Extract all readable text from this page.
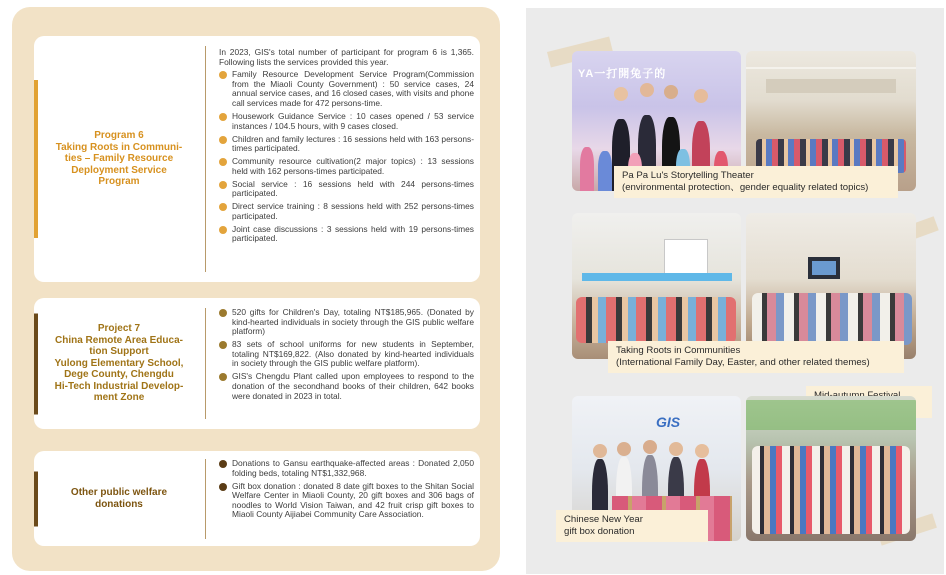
Program 6
Taking Roots in Communi-
ties – Family Resource
Deployment Service
Program

In 2023, GIS's total number of participant for program 6 is 1,365. Following lists the services provided this year.

Family Resource Development Service Program(Commission from the Miaoli County Government) : 50 service cases, 24 annual service cases, and 16 closed cases, with visits and phone call services made for 472 persons-time.
Housework Guidance Service : 10 cases opened / 53 service instances / 104.5 hours, with 9 cases closed.
Children and family lectures : 16 sessions held with 163 persons-times participated.
Community resource cultivation(2 major topics) : 13 sessions held with 162 persons-times participated.
Social service : 16 sessions held with 244 persons-times participated.
Direct service training : 8 sessions held with 252 persons-times participated.
Joint case discussions : 3 sessions held with 19 persons-times participated.
Project 7
China Remote Area Educa-
tion Support
Yulong Elementary School,
Dege County, Chengdu
Hi-Tech Industrial Develop-
ment Zone
520 gifts for Children's Day, totaling NT$185,965. (Donated by kind-hearted individuals in society through the GIS public welfare platform)
83 sets of school uniforms for new students in September, totaling NT$169,822. (Also donated by kind-hearted individuals in society through the GIS public welfare platform).
GIS's Chengdu Plant called upon employees to respond to the donation of the secondhand books of their children, 642 books were donated in 2023 in total.
Other public welfare
donations
Donations to Gansu earthquake-affected areas : Donated 2,050 folding beds, totaling NT$1,332,968.
Gift box donation : donated 8 date gift boxes to the Shitan Social Welfare Center in Miaoli County, 20 gift boxes and 306 bags of noodles to World Vision Taiwan, and 42 fruit crisp gift boxes to Miaoli County Aijiabei Community Care Association.
YA一打開兔子的
Pa Pa Lu's Storytelling Theater
(environmental protection、gender equality related topics)
Taking Roots in Communities
(International Family Day, Easter, and other related themes)
GIS
Chinese New Year
gift box donation
